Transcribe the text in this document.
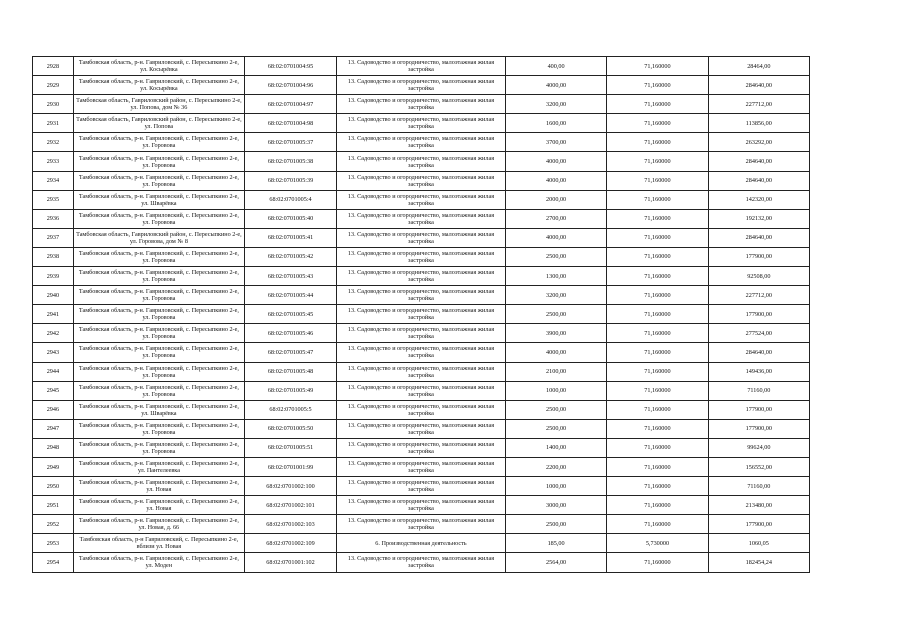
2928	Тамбовская область, р-н. Гавриловский, с. Пересыпкино 2-е, ул. Косырёвка	68:02:0701004:95	13. Садоводство и огородничество, малоэтажная жилая застройка	400,00	71,160000	28464,00
2929	Тамбовская область, р-н. Гавриловский, с. Пересыпкино 2-е, ул. Косырёвка	68:02:0701004:96	13. Садоводство и огородничество, малоэтажная жилая застройка	4000,00	71,160000	284640,00
2930	Тамбовская область, Гавриловский район, с. Пересыпкино 2-е, ул. Попова, дом № 36	68:02:0701004:97	13. Садоводство и огородничество, малоэтажная жилая застройка	3200,00	71,160000	227712,00
2931	Тамбовская область, Гавриловский район, с. Пересыпкино 2-е, ул. Попова	68:02:0701004:98	13. Садоводство и огородничество, малоэтажная жилая застройка	1600,00	71,160000	113856,00
2932	Тамбовская область, р-н. Гавриловский, с. Пересыпкино 2-е, ул. Горовова	68:02:0701005:37	13. Садоводство и огородничество, малоэтажная жилая застройка	3700,00	71,160000	263292,00
2933	Тамбовская область, р-н. Гавриловский, с. Пересыпкино 2-е, ул. Горовова	68:02:0701005:38	13. Садоводство и огородничество, малоэтажная жилая застройка	4000,00	71,160000	284640,00
2934	Тамбовская область, р-н. Гавриловский, с. Пересыпкино 2-е, ул. Горовова	68:02:0701005:39	13. Садоводство и огородничество, малоэтажная жилая застройка	4000,00	71,160000	284640,00
2935	Тамбовская область, р-н. Гавриловский, с. Пересыпкино 2-е, ул. Шварёвка	68:02:0701005:4	13. Садоводство и огородничество, малоэтажная жилая застройка	2000,00	71,160000	142320,00
2936	Тамбовская область, р-н. Гавриловский, с. Пересыпкино 2-е, ул. Горовова	68:02:0701005:40	13. Садоводство и огородничество, малоэтажная жилая застройка	2700,00	71,160000	192132,00
2937	Тамбовская область, Гавриловский район, с. Пересыпкино 2-е, ул. Горовова, дом № 8	68:02:0701005:41	13. Садоводство и огородничество, малоэтажная жилая застройка	4000,00	71,160000	284640,00
2938	Тамбовская область, р-н. Гавриловский, с. Пересыпкино 2-е, ул. Горовова	68:02:0701005:42	13. Садоводство и огородничество, малоэтажная жилая застройка	2500,00	71,160000	177900,00
2939	Тамбовская область, р-н. Гавриловский, с. Пересыпкино 2-е, ул. Горовова	68:02:0701005:43	13. Садоводство и огородничество, малоэтажная жилая застройка	1300,00	71,160000	92508,00
2940	Тамбовская область, р-н. Гавриловский, с. Пересыпкино 2-е, ул. Горовова	68:02:0701005:44	13. Садоводство и огородничество, малоэтажная жилая застройка	3200,00	71,160000	227712,00
2941	Тамбовская область, р-н. Гавриловский, с. Пересыпкино 2-е, ул. Горовова	68:02:0701005:45	13. Садоводство и огородничество, малоэтажная жилая застройка	2500,00	71,160000	177900,00
2942	Тамбовская область, р-н. Гавриловский, с. Пересыпкино 2-е, ул. Горовова	68:02:0701005:46	13. Садоводство и огородничество, малоэтажная жилая застройка	3900,00	71,160000	277524,00
2943	Тамбовская область, р-н. Гавриловский, с. Пересыпкино 2-е, ул. Горовова	68:02:0701005:47	13. Садоводство и огородничество, малоэтажная жилая застройка	4000,00	71,160000	284640,00
2944	Тамбовская область, р-н. Гавриловский, с. Пересыпкино 2-е, ул. Горовова	68:02:0701005:48	13. Садоводство и огородничество, малоэтажная жилая застройка	2100,00	71,160000	149436,00
2945	Тамбовская область, р-н. Гавриловский, с. Пересыпкино 2-е, ул. Горовова	68:02:0701005:49	13. Садоводство и огородничество, малоэтажная жилая застройка	1000,00	71,160000	71160,00
2946	Тамбовская область, р-н. Гавриловский, с. Пересыпкино 2-е, ул. Шварёвка	68:02:0701005:5	13. Садоводство и огородничество, малоэтажная жилая застройка	2500,00	71,160000	177900,00
2947	Тамбовская область, р-н. Гавриловский, с. Пересыпкино 2-е, ул. Горовова	68:02:0701005:50	13. Садоводство и огородничество, малоэтажная жилая застройка	2500,00	71,160000	177900,00
2948	Тамбовская область, р-н. Гавриловский, с. Пересыпкино 2-е, ул. Горовова	68:02:0701005:51	13. Садоводство и огородничество, малоэтажная жилая застройка	1400,00	71,160000	99624,00
2949	Тамбовская область, р-н. Гавриловский, с. Пересыпкино 2-е, ул. Пантелеевка	68:02:0701001:99	13. Садоводство и огородничество, малоэтажная жилая застройка	2200,00	71,160000	156552,00
2950	Тамбовская область, р-н. Гавриловский, с. Пересыпкино 2-е, ул. Новая	68:02:0701002:100	13. Садоводство и огородничество, малоэтажная жилая застройка	1000,00	71,160000	71160,00
2951	Тамбовская область, р-н. Гавриловский, с. Пересыпкино 2-е, ул. Новая	68:02:0701002:101	13. Садоводство и огородничество, малоэтажная жилая застройка	3000,00	71,160000	213480,00
2952	Тамбовская область, р-н. Гавриловский, с. Пересыпкино 2-е, ул. Новая, д. 66	68:02:0701002:103	13. Садоводство и огородничество, малоэтажная жилая застройка	2500,00	71,160000	177900,00
2953	Тамбовская область, р-н Гавриловский, с. Пересыпкино 2-е, вблизи ул. Новая	68:02:0701002:109	6. Производственная деятельность	185,00	5,730000	1060,05
2954	Тамбовская область, р-н. Гавриловский, с. Пересыпкино 2-е, ул. Моден	68:02:0701001:102	13. Садоводство и огородничество, малоэтажная жилая застройка	2564,00	71,160000	182454,24
